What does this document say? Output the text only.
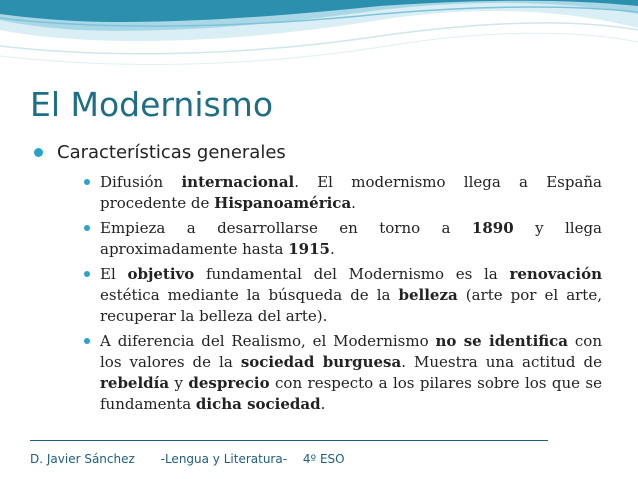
El Modernismo
Características generales
Difusión internacional. El modernismo llega a España procedente de Hispanoamérica.
Empieza a desarrollarse en torno a 1890 y llega aproximadamente hasta 1915.
El objetivo fundamental del Modernismo es la renovación estética mediante la búsqueda de la belleza (arte por el arte, recuperar la belleza del arte).
A diferencia del Realismo, el Modernismo no se identifica con los valores de la sociedad burguesa. Muestra una actitud de rebeldía y desprecio con respecto a los pilares sobre los que se fundamenta dicha sociedad.
D. Javier Sánchez -Lengua y Literatura- 4º ESO
